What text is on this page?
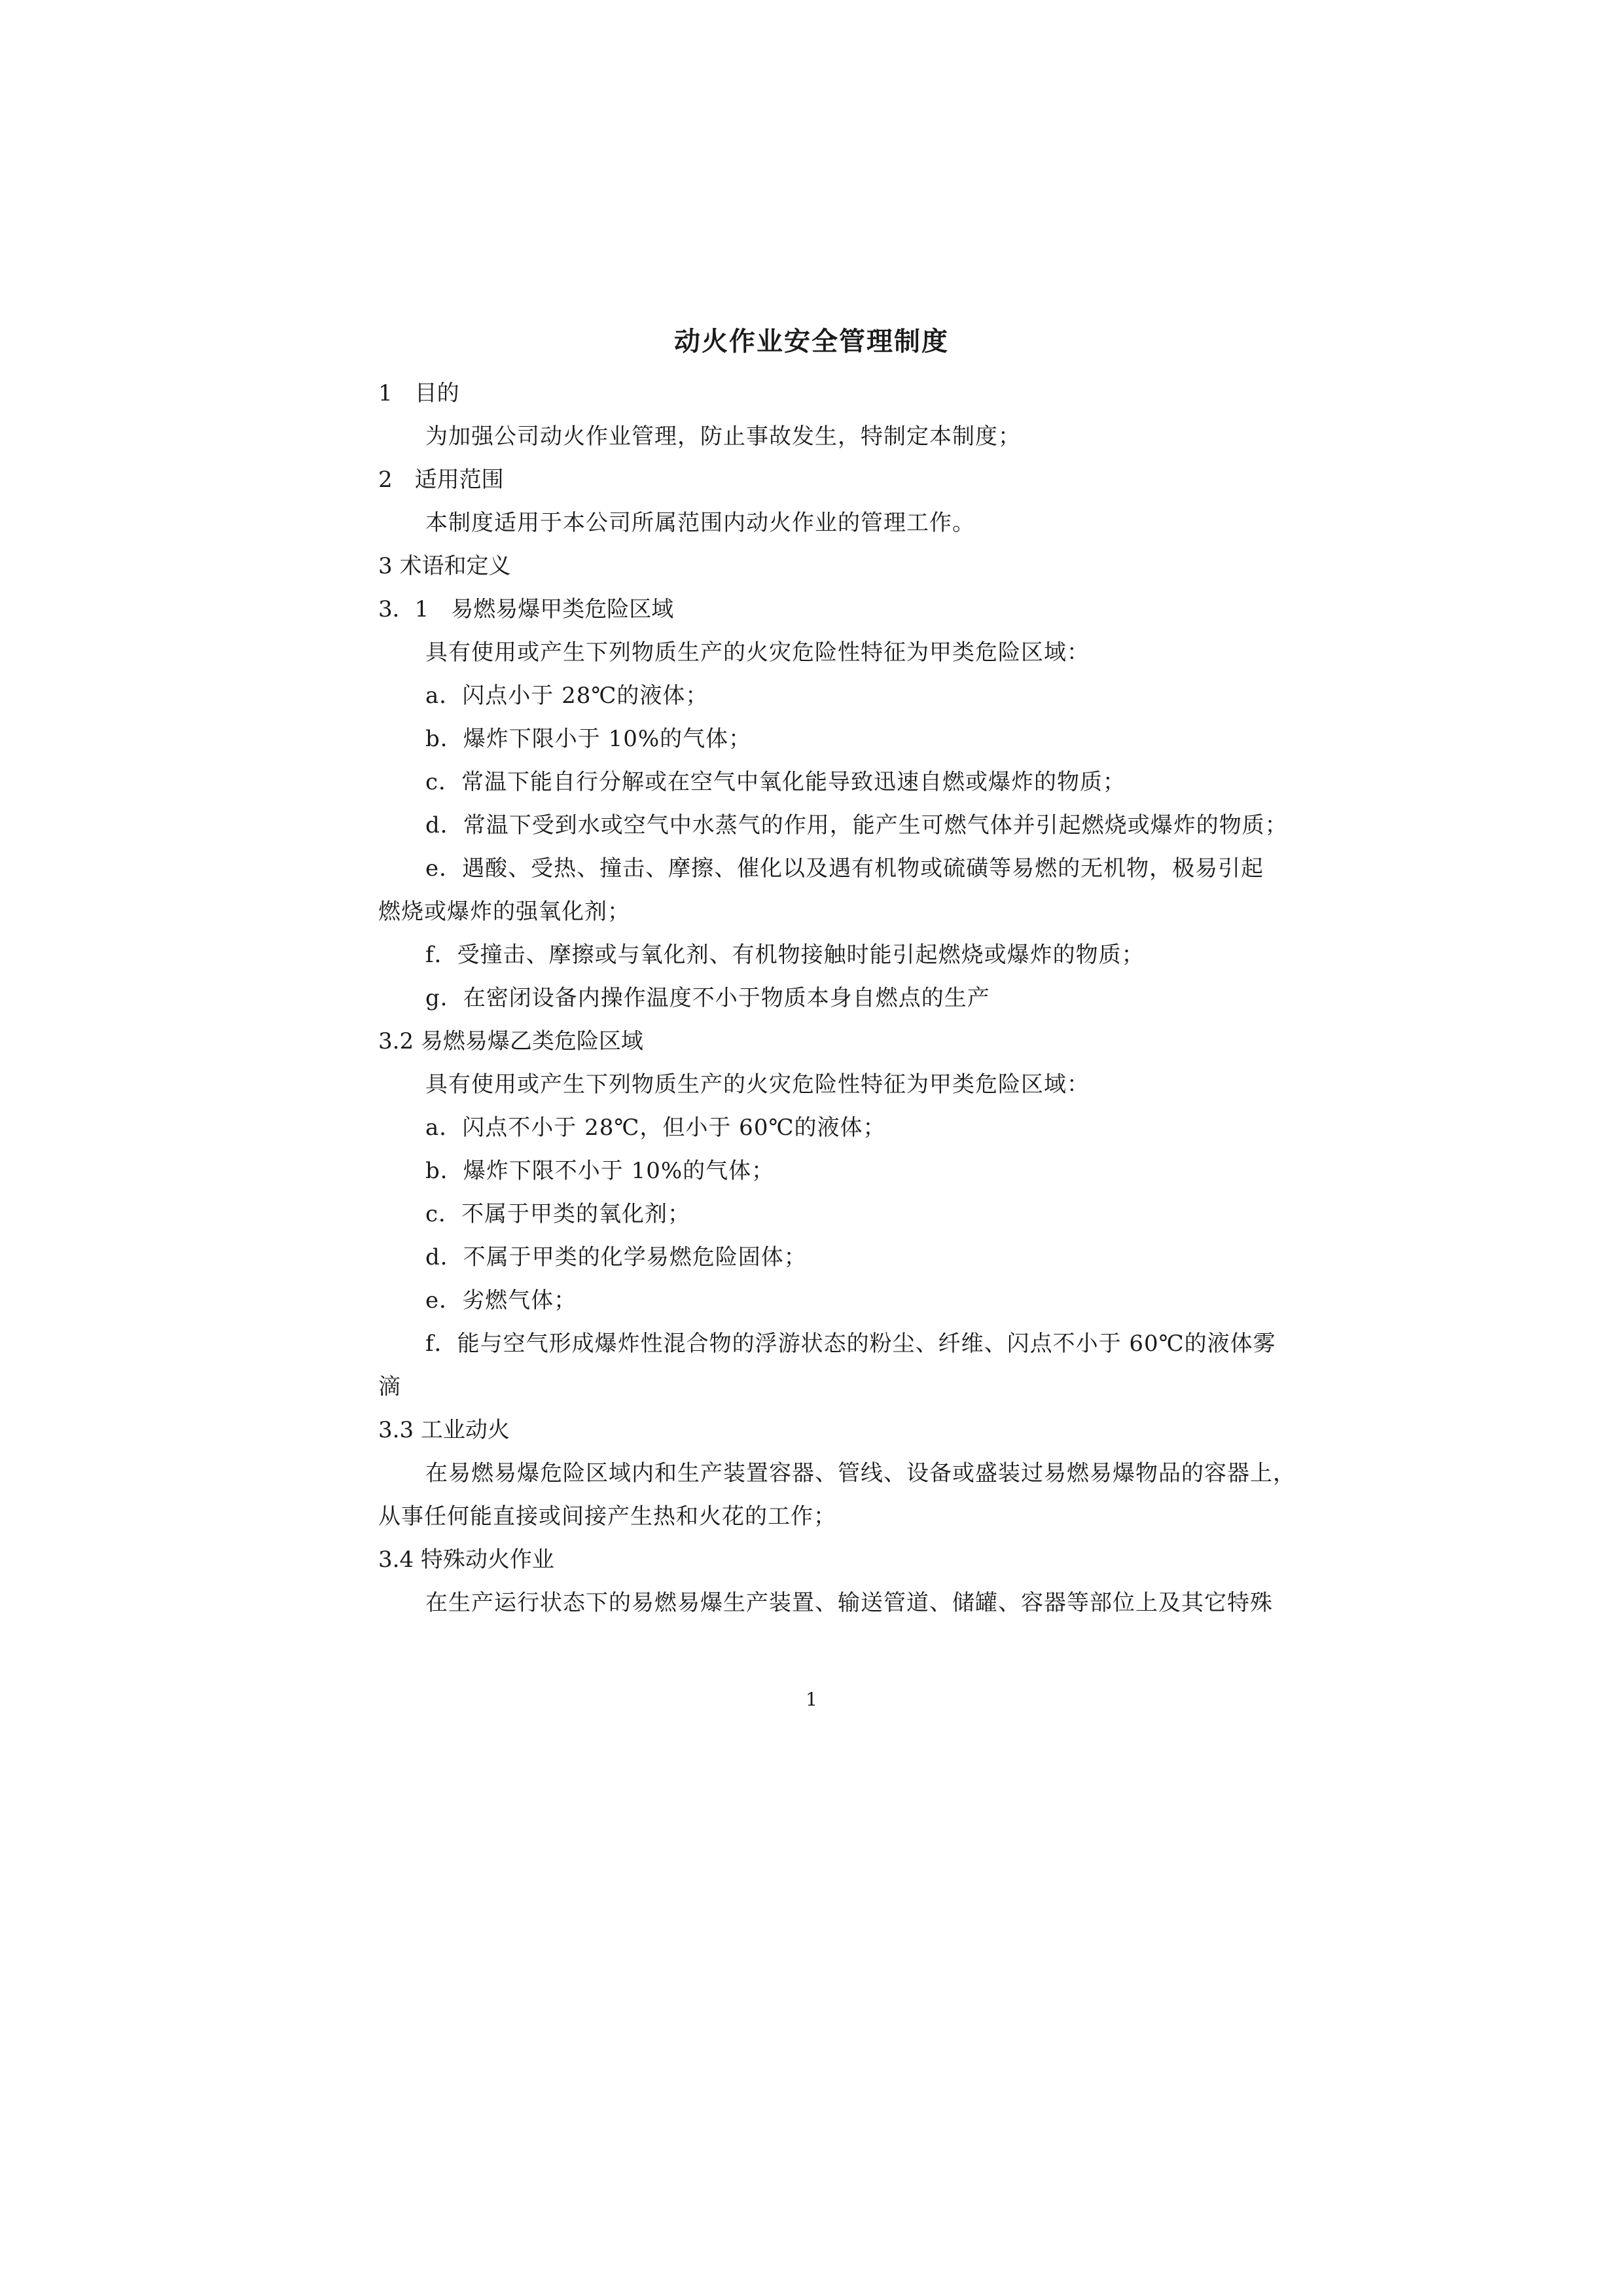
动火作业安全管理制度
1　目的
为加强公司动火作业管理，防止事故发生，特制定本制度；
2　适用范围
本制度适用于本公司所属范围内动火作业的管理工作。
3 术语和定义
3．1　易燃易爆甲类危险区域
具有使用或产生下列物质生产的火灾危险性特征为甲类危险区域：
a．闪点小于 28℃的液体；
b．爆炸下限小于 10%的气体；
c．常温下能自行分解或在空气中氧化能导致迅速自燃或爆炸的物质；
d．常温下受到水或空气中水蒸气的作用，能产生可燃气体并引起燃烧或爆炸的物质；
e．遇酸、受热、撞击、摩擦、催化以及遇有机物或硫磺等易燃的无机物，极易引起
燃烧或爆炸的强氧化剂；
f．受撞击、摩擦或与氧化剂、有机物接触时能引起燃烧或爆炸的物质；
g．在密闭设备内操作温度不小于物质本身自燃点的生产
3.2 易燃易爆乙类危险区域
具有使用或产生下列物质生产的火灾危险性特征为甲类危险区域：
a．闪点不小于 28℃，但小于 60℃的液体；
b．爆炸下限不小于 10%的气体；
c．不属于甲类的氧化剂；
d．不属于甲类的化学易燃危险固体；
e．劣燃气体；
f．能与空气形成爆炸性混合物的浮游状态的粉尘、纤维、闪点不小于 60℃的液体雾
滴
3.3 工业动火
在易燃易爆危险区域内和生产装置容器、管线、设备或盛装过易燃易爆物品的容器上，
从事任何能直接或间接产生热和火花的工作；
3.4 特殊动火作业
在生产运行状态下的易燃易爆生产装置、输送管道、储罐、容器等部位上及其它特殊
1
